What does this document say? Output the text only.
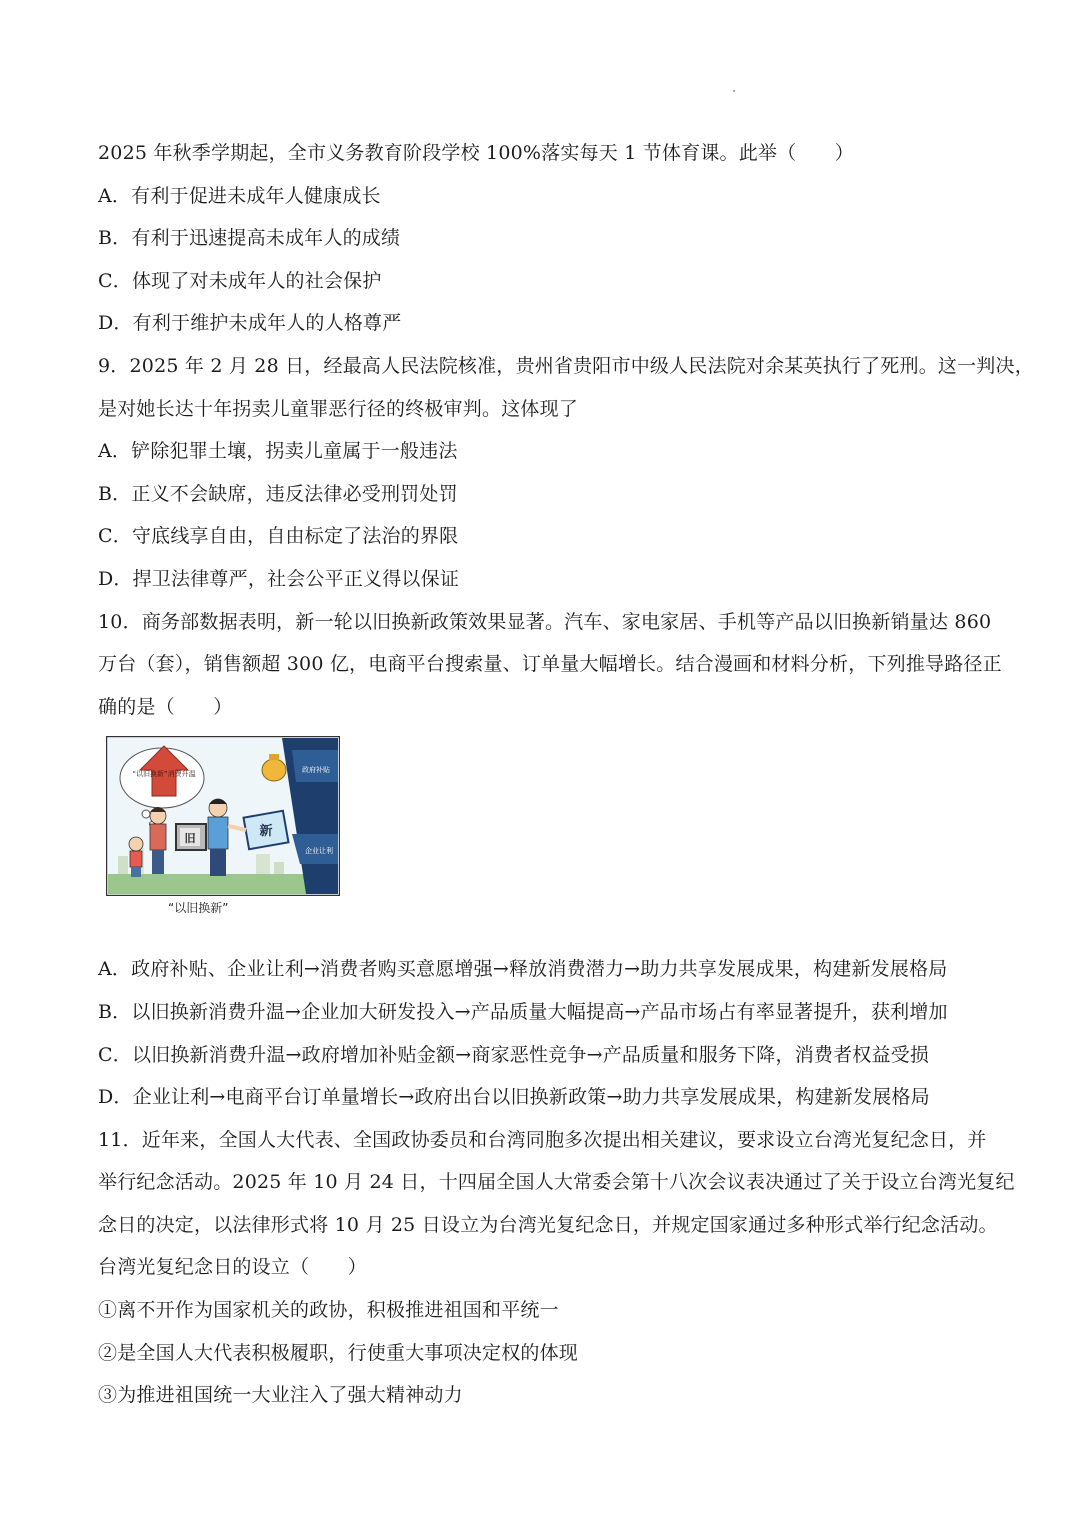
2025 年秋季学期起，全市义务教育阶段学校 100%落实每天 1 节体育课。此举（　　）
A．有利于促进未成年人健康成长
B．有利于迅速提高未成年人的成绩
C．体现了对未成年人的社会保护
D．有利于维护未成年人的人格尊严
9．2025 年 2 月 28 日，经最高人民法院核准，贵州省贵阳市中级人民法院对余某英执行了死刑。这一判决，
是对她长达十年拐卖儿童罪恶行径的终极审判。这体现了
A．铲除犯罪土壤，拐卖儿童属于一般违法
B．正义不会缺席，违反法律必受刑罚处罚
C．守底线享自由，自由标定了法治的界限
D．捍卫法律尊严，社会公平正义得以保证
10．商务部数据表明，新一轮以旧换新政策效果显著。汽车、家电家居、手机等产品以旧换新销量达 860
万台（套），销售额超 300 亿，电商平台搜索量、订单量大幅增长。结合漫画和材料分析，下列推导路径正
确的是（　　）
“以旧换新”消费升温	政府补贴
企业让利
新
旧
“以旧换新”
A．政府补贴、企业让利→消费者购买意愿增强→释放消费潜力→助力共享发展成果，构建新发展格局
B．以旧换新消费升温→企业加大研发投入→产品质量大幅提高→产品市场占有率显著提升，获利增加
C．以旧换新消费升温→政府增加补贴金额→商家恶性竞争→产品质量和服务下降，消费者权益受损
D．企业让利→电商平台订单量增长→政府出台以旧换新政策→助力共享发展成果，构建新发展格局
11．近年来，全国人大代表、全国政协委员和台湾同胞多次提出相关建议，要求设立台湾光复纪念日，并
举行纪念活动。2025 年 10 月 24 日，十四届全国人大常委会第十八次会议表决通过了关于设立台湾光复纪
念日的决定，以法律形式将 10 月 25 日设立为台湾光复纪念日，并规定国家通过多种形式举行纪念活动。
台湾光复纪念日的设立（　　）
①离不开作为国家机关的政协，积极推进祖国和平统一
②是全国人大代表积极履职，行使重大事项决定权的体现
③为推进祖国统一大业注入了强大精神动力
